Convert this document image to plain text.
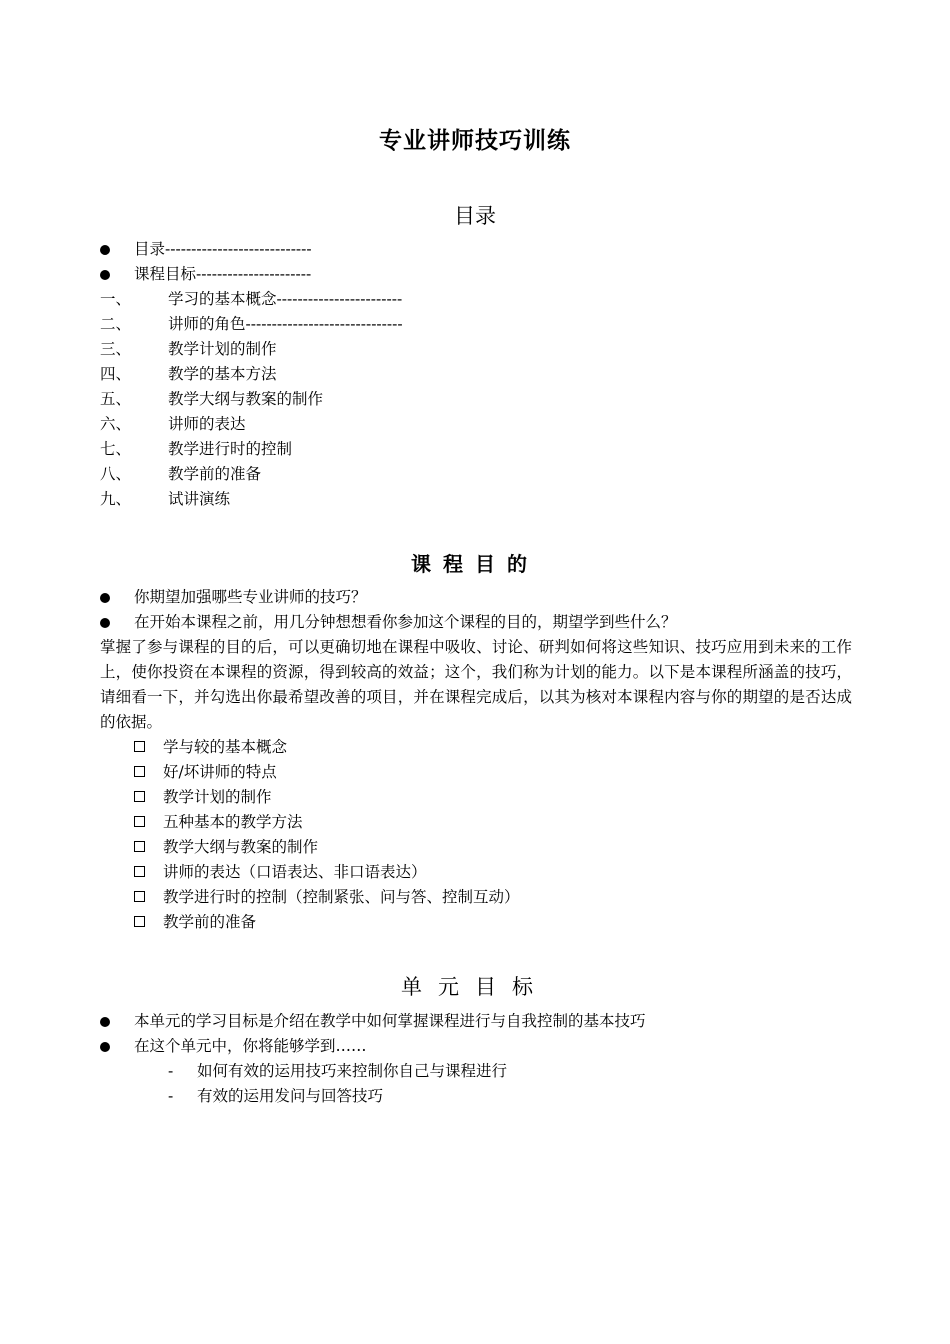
专业讲师技巧训练
目录
目录----------------------------
课程目标----------------------
一、 学习的基本概念------------------------
二、 讲师的角色------------------------------
三、 教学计划的制作
四、 教学的基本方法
五、 教学大纲与教案的制作
六、 讲师的表达
七、 教学进行时的控制
八、 教学前的准备
九、 试讲演练
课程目的
你期望加强哪些专业讲师的技巧？
在开始本课程之前，用几分钟想想看你参加这个课程的目的，期望学到些什么？
掌握了参与课程的目的后，可以更确切地在课程中吸收、讨论、研判如何将这些知识、技巧应用到未来的工作上，使你投资在本课程的资源，得到较高的效益；这个，我们称为计划的能力。以下是本课程所涵盖的技巧，请细看一下，并勾选出你最希望改善的项目，并在课程完成后，以其为核对本课程内容与你的期望的是否达成的依据。
学与较的基本概念
好/坏讲师的特点
教学计划的制作
五种基本的教学方法
教学大纲与教案的制作
讲师的表达（口语表达、非口语表达）
教学进行时的控制（控制紧张、问与答、控制互动）
教学前的准备
单元目标
本单元的学习目标是介绍在教学中如何掌握课程进行与自我控制的基本技巧
在这个单元中，你将能够学到……
- 如何有效的运用技巧来控制你自己与课程进行
- 有效的运用发问与回答技巧
